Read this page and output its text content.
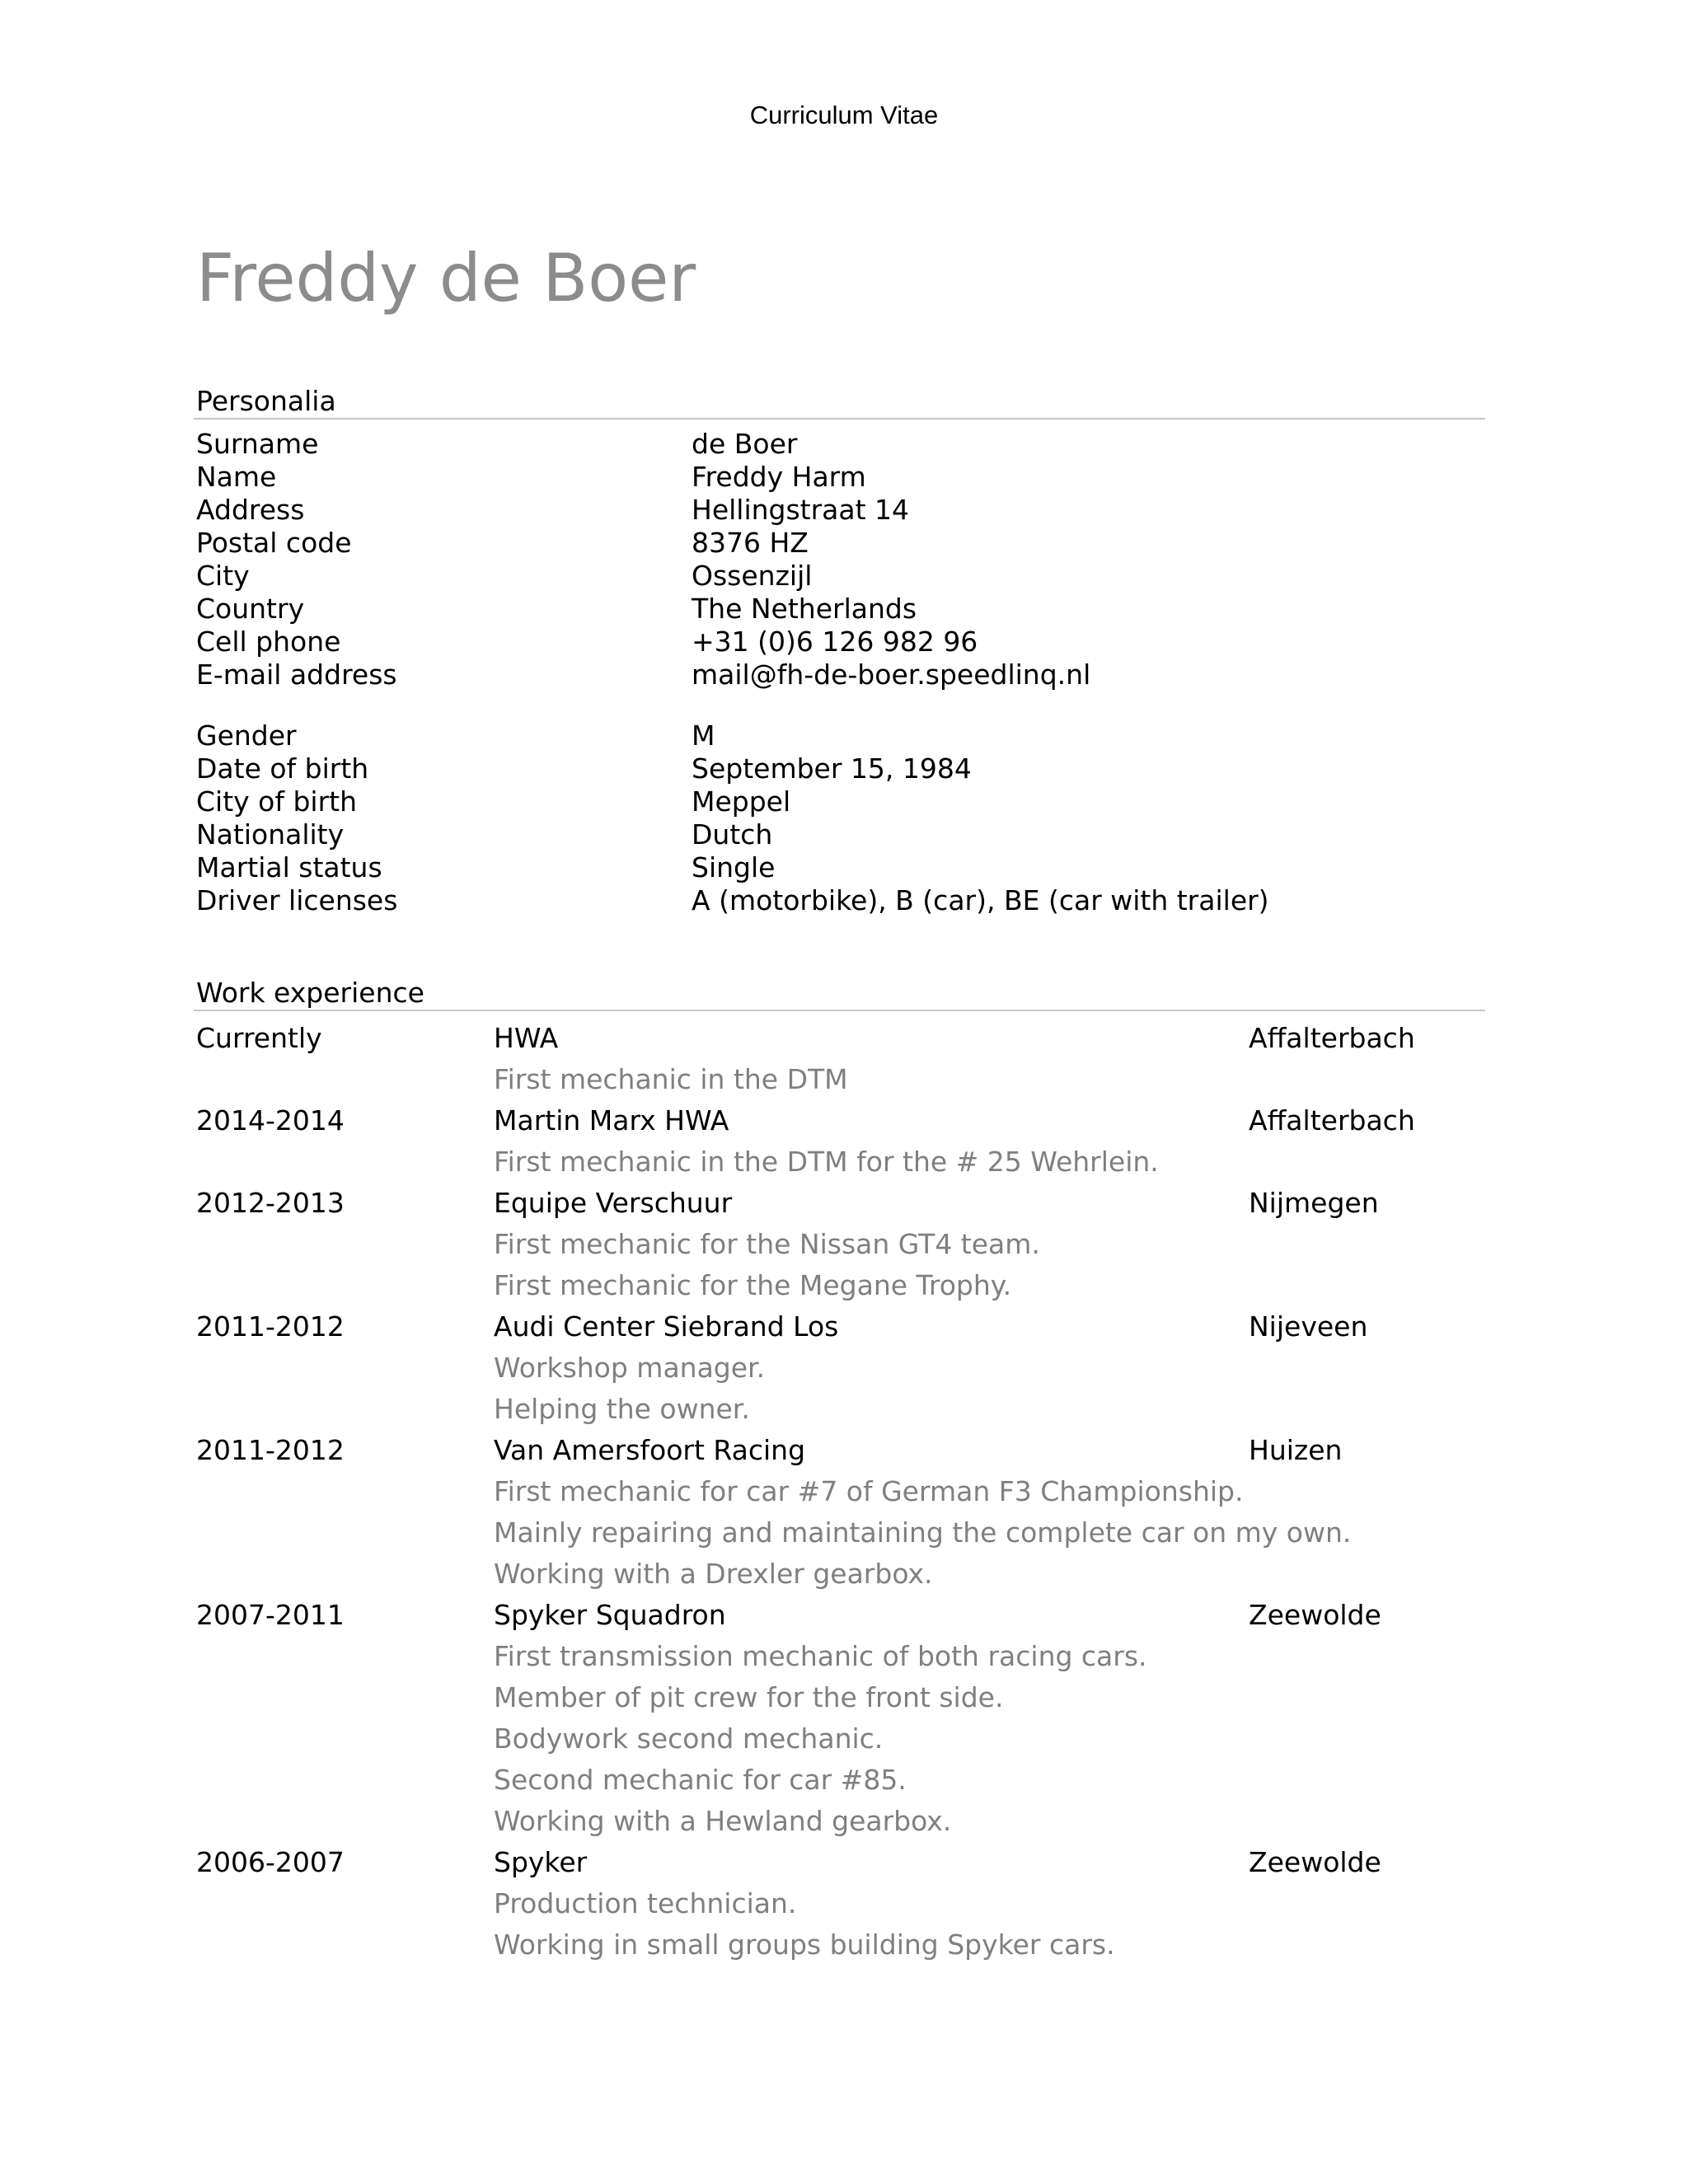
Curriculum Vitae
Freddy de Boer
Personalia
Surname	de Boer
Name	Freddy Harm
Address	Hellingstraat 14
Postal code	8376 HZ
City	Ossenzijl
Country	The Netherlands
Cell phone	+31 (0)6 126 982 96
E-mail address	mail@fh-de-boer.speedlinq.nl
Gender	M
Date of birth	September 15, 1984
City of birth	Meppel
Nationality	Dutch
Martial status	Single
Driver licenses	A (motorbike), B (car), BE (car with trailer)
Work experience
Currently	HWA	Affalterbach
First mechanic in the DTM
2014-2014	Martin Marx HWA	Affalterbach
First mechanic in the DTM for the # 25 Wehrlein.
2012-2013	Equipe Verschuur	Nijmegen
First mechanic for the Nissan GT4 team.
First mechanic for the Megane Trophy.
2011-2012	Audi Center Siebrand Los	Nijeveen
Workshop manager.
Helping the owner.
2011-2012	Van Amersfoort Racing	Huizen
First mechanic for car #7 of German F3 Championship.
Mainly repairing and maintaining the complete car on my own.
Working with a Drexler gearbox.
2007-2011	Spyker Squadron	Zeewolde
First transmission mechanic of both racing cars.
Member of pit crew for the front side.
Bodywork second mechanic.
Second mechanic for car #85.
Working with a Hewland gearbox.
2006-2007	Spyker	Zeewolde
Production technician.
Working in small groups building Spyker cars.
